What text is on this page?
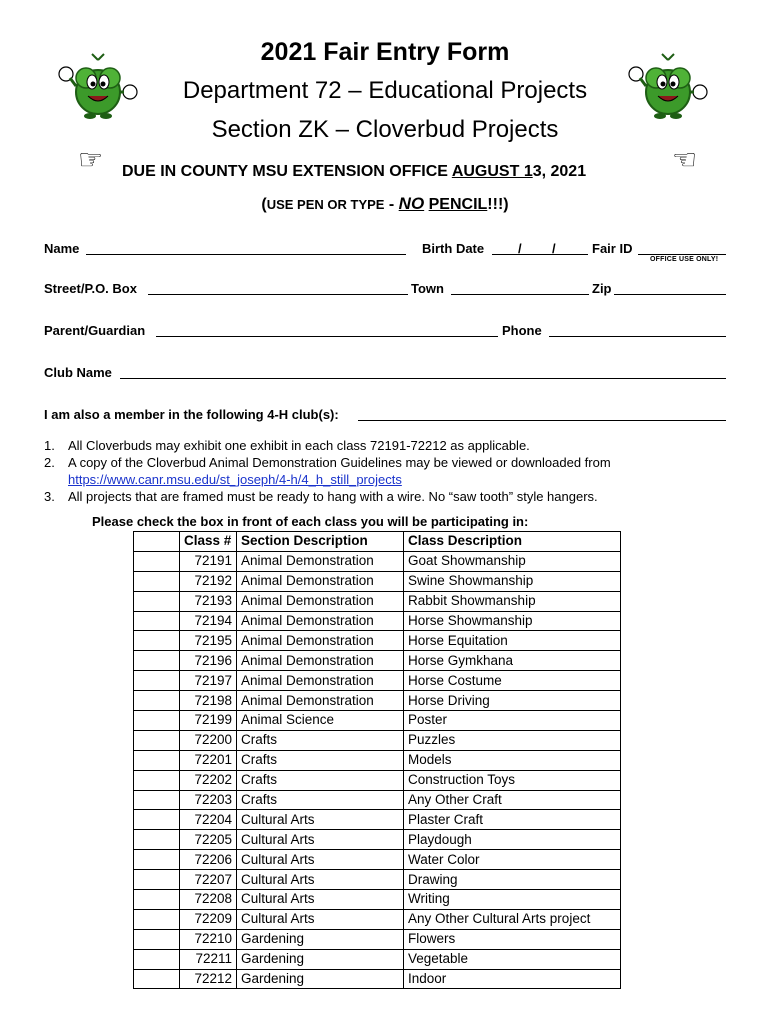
2021 Fair Entry Form
Department 72 – Educational Projects
Section ZK – Cloverbud Projects
☞ DUE IN COUNTY MSU EXTENSION OFFICE AUGUST 13, 2021	☜
(USE PEN OR TYPE - NO PENCIL!!!)
Name	Birth Date	/ /	Fair ID
OFFICE USE ONLY!
Street/P.O. Box	Town	Zip
Parent/Guardian	Phone
Club Name
I am also a member in the following 4-H club(s):
1. All Cloverbuds may exhibit one exhibit in each class 72191-72212 as applicable.
2. A copy of the Cloverbud Animal Demonstration Guidelines may be viewed or downloaded from
https://www.canr.msu.edu/st_joseph/4-h/4_h_still_projects
3. All projects that are framed must be ready to hang with a wire. No “saw tooth” style hangers.
Please check the box in front of each class you will be participating in:
	Class #	Section Description	Class Description
	72191	Animal Demonstration	Goat Showmanship
	72192	Animal Demonstration	Swine Showmanship
	72193	Animal Demonstration	Rabbit Showmanship
	72194	Animal Demonstration	Horse Showmanship
	72195	Animal Demonstration	Horse Equitation
	72196	Animal Demonstration	Horse Gymkhana
	72197	Animal Demonstration	Horse Costume
	72198	Animal Demonstration	Horse Driving
	72199	Animal Science	Poster
	72200	Crafts	Puzzles
	72201	Crafts	Models
	72202	Crafts	Construction Toys
	72203	Crafts	Any Other Craft
	72204	Cultural Arts	Plaster Craft
	72205	Cultural Arts	Playdough
	72206	Cultural Arts	Water Color
	72207	Cultural Arts	Drawing
	72208	Cultural Arts	Writing
	72209	Cultural Arts	Any Other Cultural Arts project
	72210	Gardening	Flowers
	72211	Gardening	Vegetable
	72212	Gardening	Indoor
